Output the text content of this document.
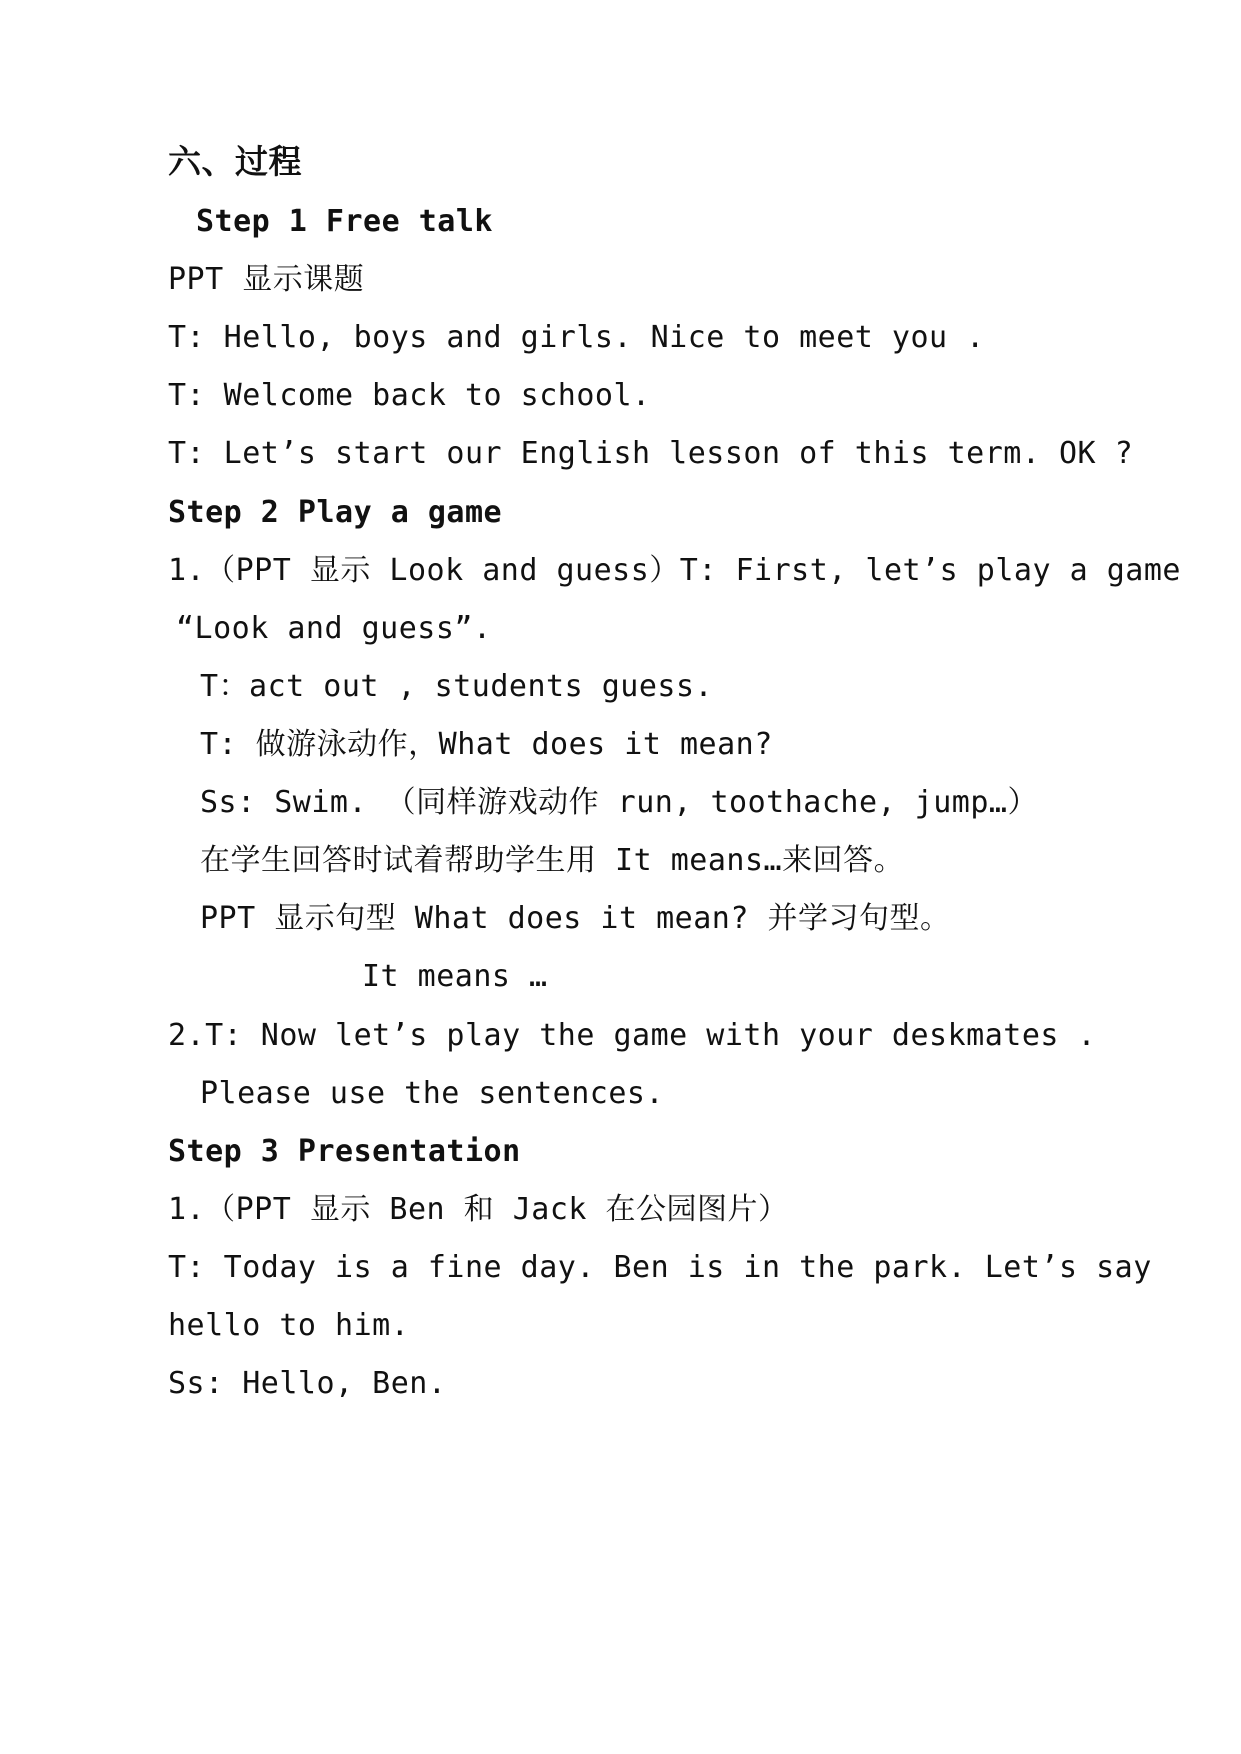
六、过程
Step 1 Free talk
PPT 显示课题
T: Hello, boys and girls. Nice to meet you .
T: Welcome back to school.
T: Let’s start our English lesson of this term. OK ?
Step 2 Play a game
1.（PPT 显示 Look and guess）T: First, let’s play a game
“Look and guess”.
T：act out , students guess.
T: 做游泳动作，What does it mean?
Ss: Swim. （同样游戏动作 run, toothache, jump…）
在学生回答时试着帮助学生用 It means…来回答。
PPT 显示句型 What does it mean? 并学习句型。
It means …
2.T: Now let’s play the game with your deskmates .
Please use the sentences.
Step 3 Presentation
1.（PPT 显示 Ben 和 Jack 在公园图片）
T: Today is a fine day. Ben is in the park. Let’s say
hello to him.
Ss: Hello, Ben.
